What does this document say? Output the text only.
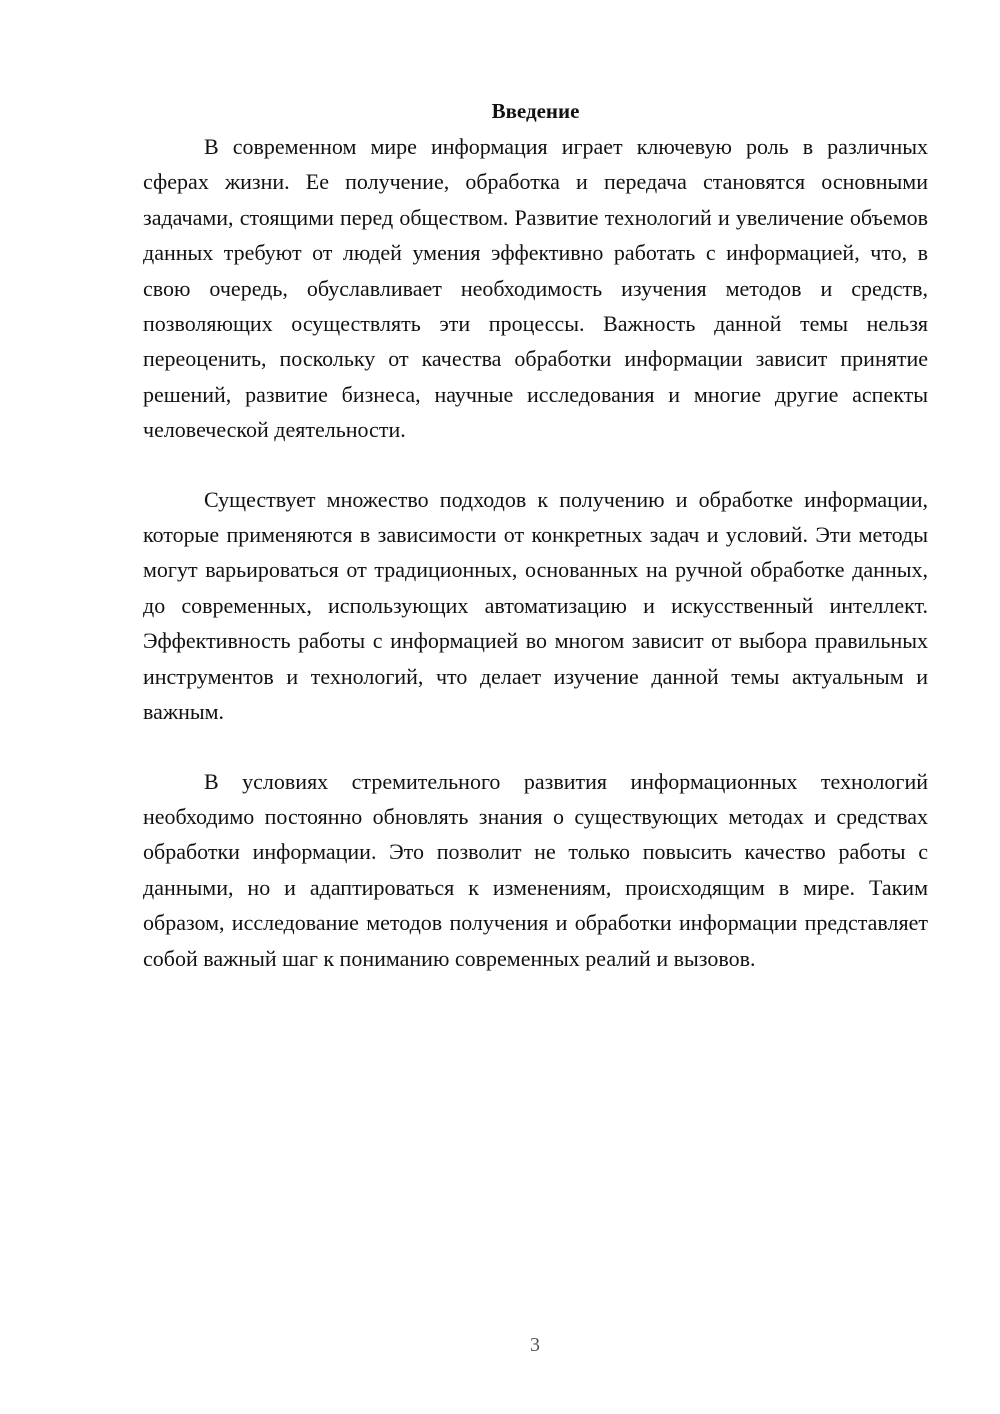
Введение

В современном мире информация играет ключевую роль в различных сферах жизни. Ее получение, обработка и передача становятся основными задачами, стоящими перед обществом. Развитие технологий и увеличение объемов данных требуют от людей умения эффективно работать с информацией, что, в свою очередь, обуславливает необходимость изучения методов и средств, позволяющих осуществлять эти процессы. Важность данной темы нельзя переоценить, поскольку от качества обработки информации зависит принятие решений, развитие бизнеса, научные исследования и многие другие аспекты человеческой деятельности.

Существует множество подходов к получению и обработке информации, которые применяются в зависимости от конкретных задач и условий. Эти методы могут варьироваться от традиционных, основанных на ручной обработке данных, до современных, использующих автоматизацию и искусственный интеллект. Эффективность работы с информацией во многом зависит от выбора правильных инструментов и технологий, что делает изучение данной темы актуальным и важным.

В условиях стремительного развития информационных технологий необходимо постоянно обновлять знания о существующих методах и средствах обработки информации. Это позволит не только повысить качество работы с данными, но и адаптироваться к изменениям, происходящим в мире. Таким образом, исследование методов получения и обработки информации представляет собой важный шаг к пониманию современных реалий и вызовов.

3
